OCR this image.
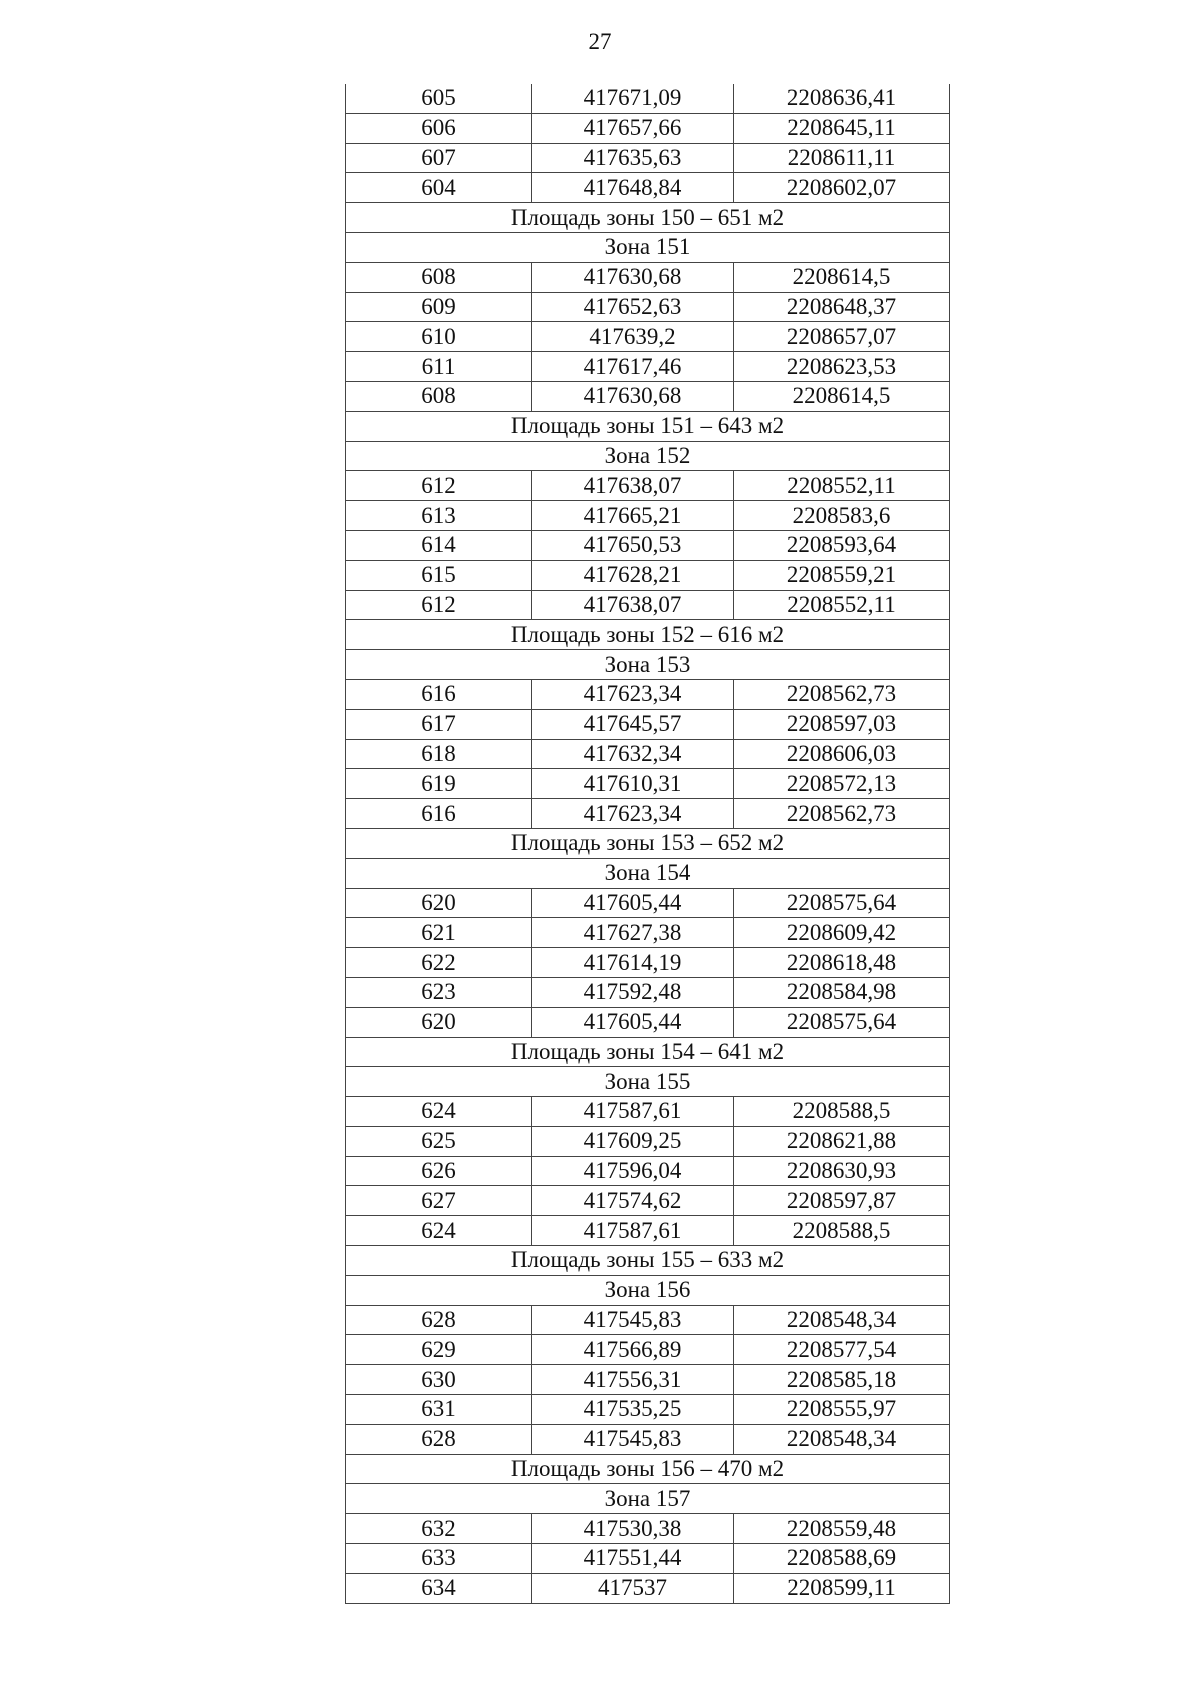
27
605	417671,09	2208636,41
606	417657,66	2208645,11
607	417635,63	2208611,11
604	417648,84	2208602,07
Площадь зоны 150 – 651 м2		
Зона 151		
608	417630,68	2208614,5
609	417652,63	2208648,37
610	417639,2	2208657,07
611	417617,46	2208623,53
608	417630,68	2208614,5
Площадь зоны 151 – 643 м2		
Зона 152		
612	417638,07	2208552,11
613	417665,21	2208583,6
614	417650,53	2208593,64
615	417628,21	2208559,21
612	417638,07	2208552,11
Площадь зоны 152 – 616 м2		
Зона 153		
616	417623,34	2208562,73
617	417645,57	2208597,03
618	417632,34	2208606,03
619	417610,31	2208572,13
616	417623,34	2208562,73
Площадь зоны 153 – 652 м2		
Зона 154		
620	417605,44	2208575,64
621	417627,38	2208609,42
622	417614,19	2208618,48
623	417592,48	2208584,98
620	417605,44	2208575,64
Площадь зоны 154 – 641 м2		
Зона 155		
624	417587,61	2208588,5
625	417609,25	2208621,88
626	417596,04	2208630,93
627	417574,62	2208597,87
624	417587,61	2208588,5
Площадь зоны 155 – 633 м2		
Зона 156		
628	417545,83	2208548,34
629	417566,89	2208577,54
630	417556,31	2208585,18
631	417535,25	2208555,97
628	417545,83	2208548,34
Площадь зоны 156 – 470 м2		
Зона 157		
632	417530,38	2208559,48
633	417551,44	2208588,69
634	417537	2208599,11
